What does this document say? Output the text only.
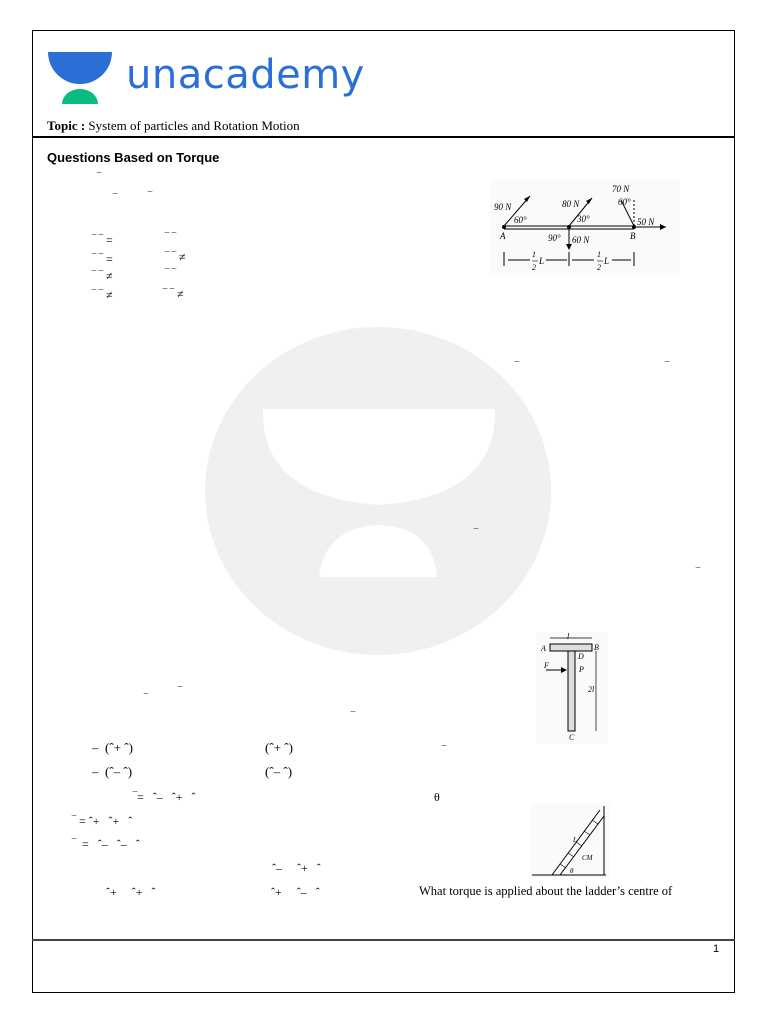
unacademy
Topic : System of particles and Rotation Motion
Questions Based on Torque
‾
‾	‾
‾ ‾ =	‾ ‾
‾ ‾ =	‾ ‾ ≠
‾ ‾ ≠	‾ ‾
‾ ‾ ≠	‾ ‾ ≠
90 N
60°
80 N
30°
70 N
60°
50 N
60 N
90°
A	B
1
2
L
1
2
L
‾	‾
‾
‾
l
A	B
D
P
F
2l
C
‾
‾
‾
‾
–  (ˆ+ ˆ)	(ˆ+ ˆ)
–  (ˆ– ˆ)	(ˆ– ˆ)
θ
‾=   ˆ–   ˆ+   ˆ
‾ = ˆ+   ˆ+   ˆ
‾  =   ˆ–   ˆ–   ˆ
ˆ–     ˆ+   ˆ
ˆ+     ˆ+   ˆ	ˆ+     ˆ–   ˆ
L
CM
θ
What torque is applied about the ladder’s centre of
1
